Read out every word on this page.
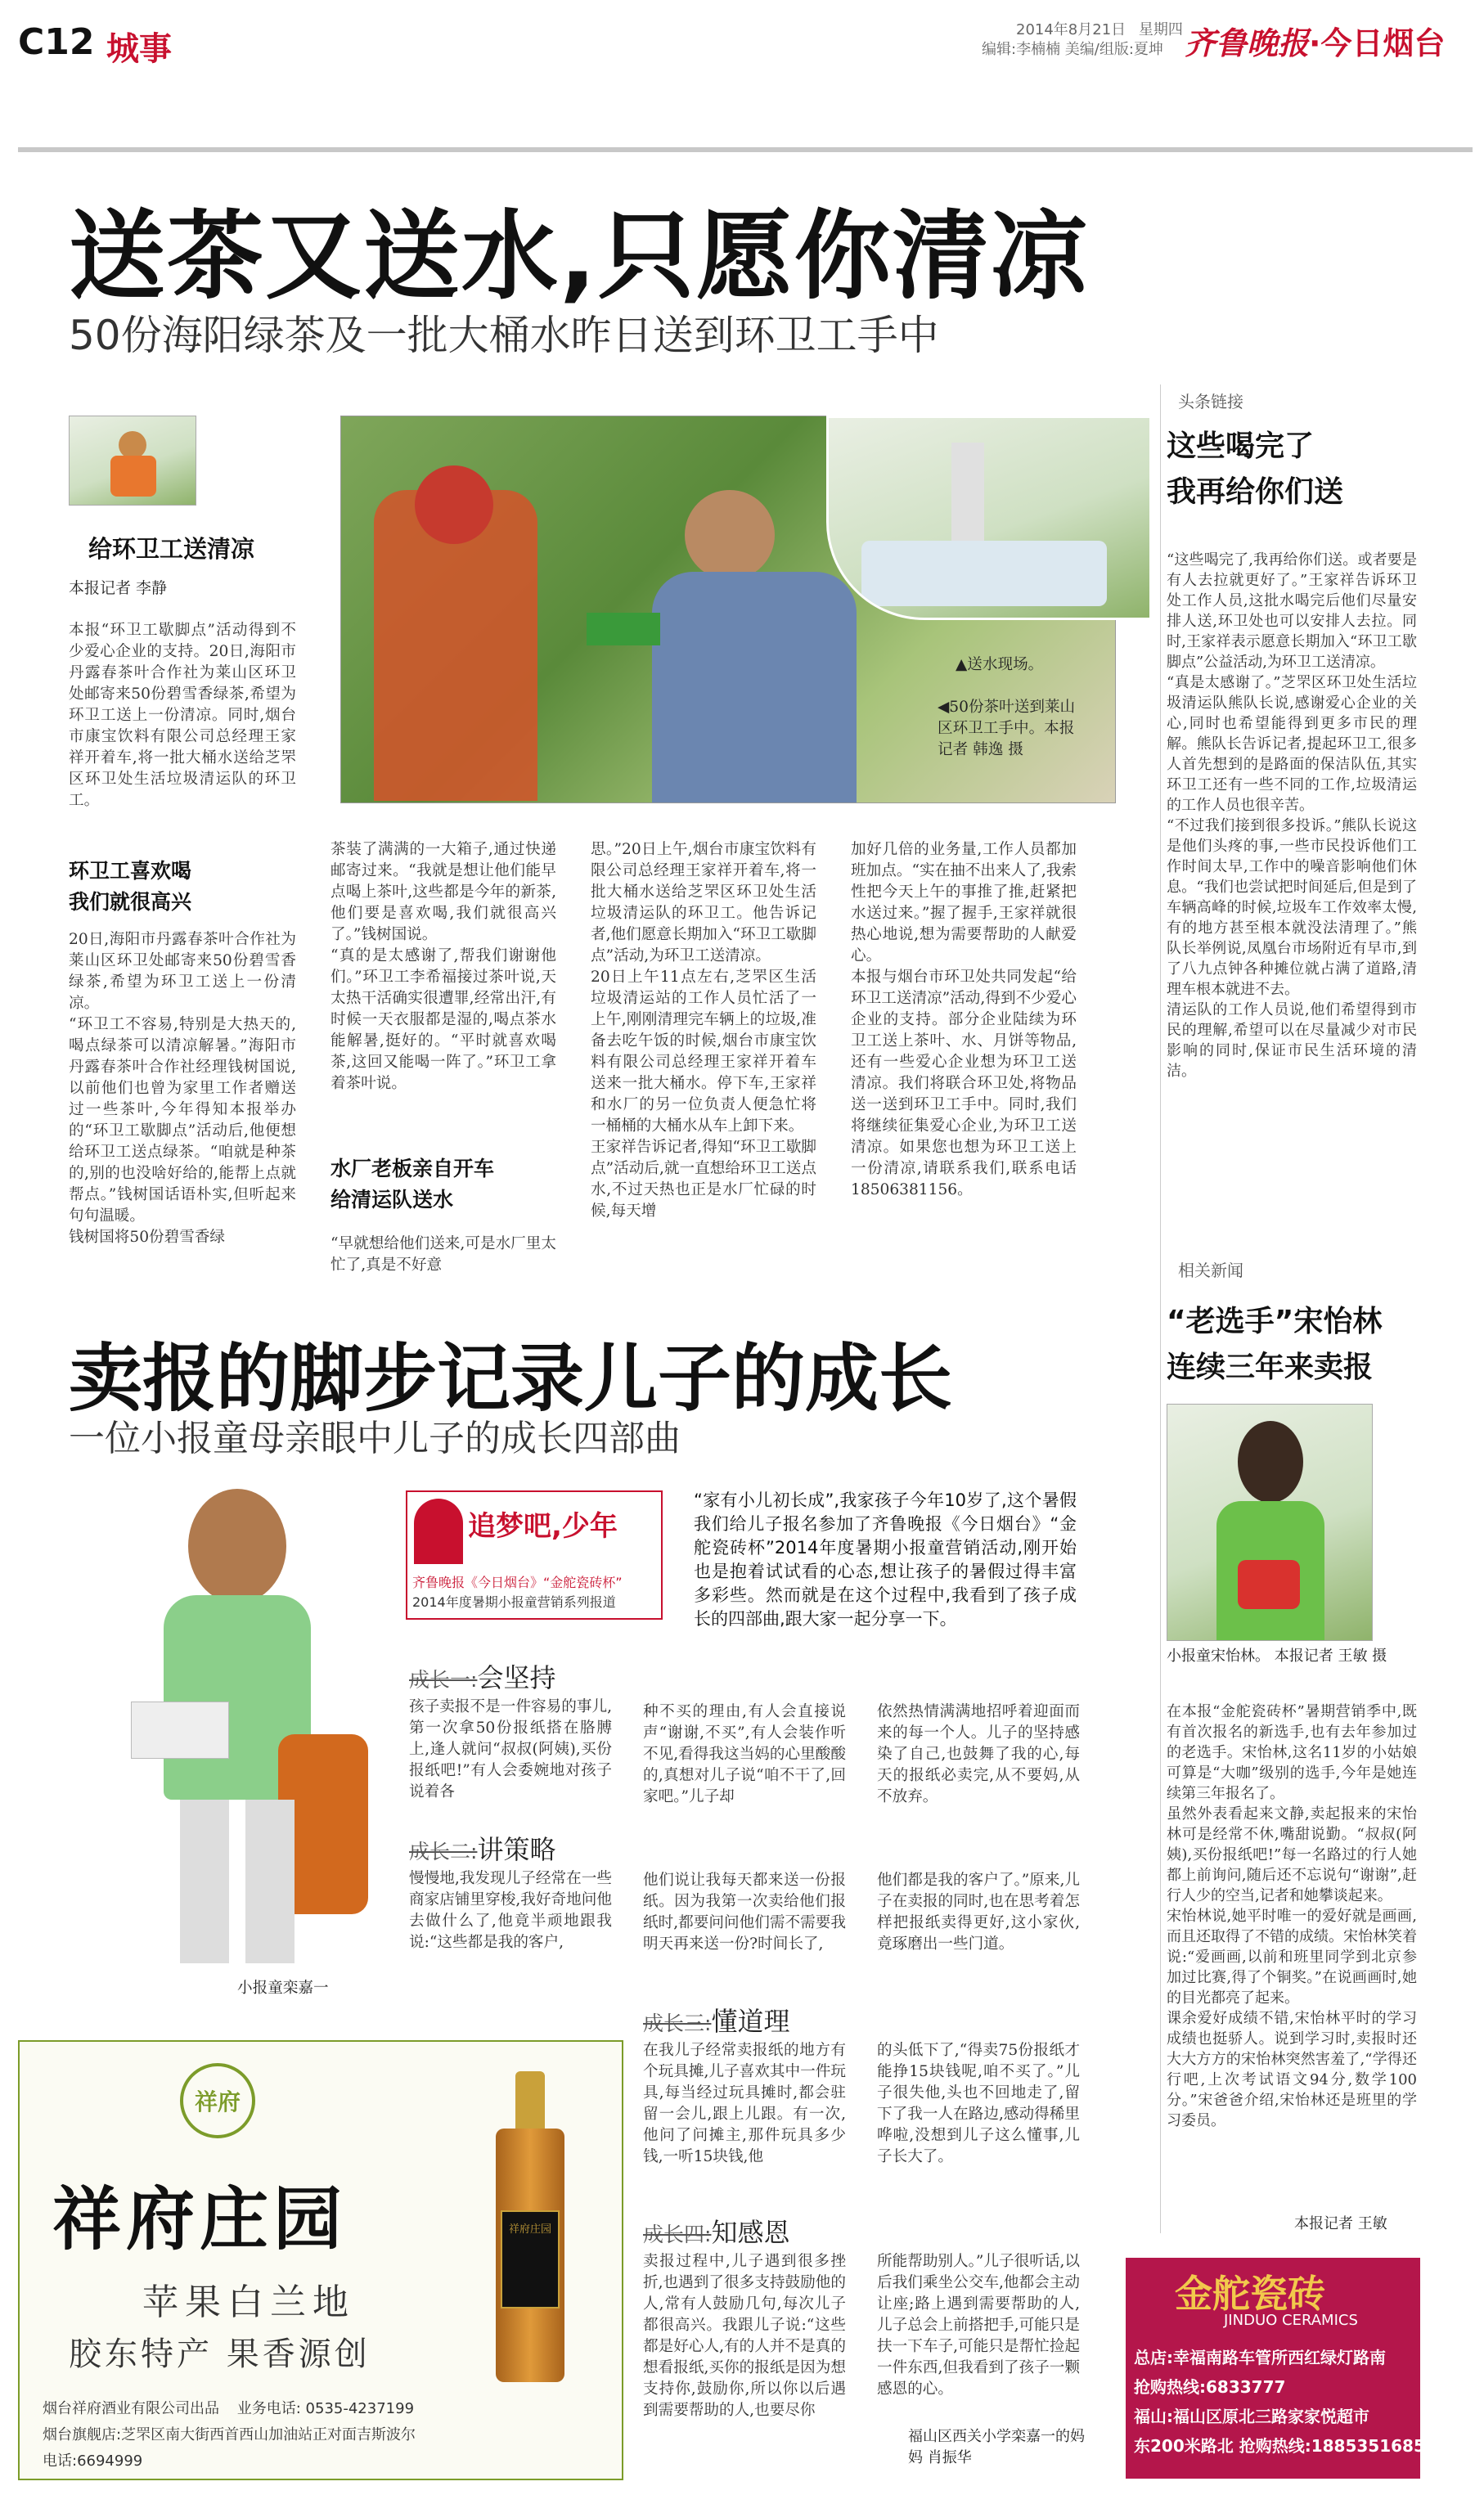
C12 城事
2014年8月21日 星期四
编辑:李楠楠 美编/组版:夏坤 齐鲁晚报·今日烟台
送茶又送水,只愿你清凉
50份海阳绿茶及一批大桶水昨日送到环卫工手中
给环卫工送清凉
本报记者 李静
本报“环卫工歇脚点”活动得到不少爱心企业的支持。20日,海阳市丹露春茶叶合作社为莱山区环卫处邮寄来50份碧雪香绿茶,希望为环卫工送上一份清凉。同时,烟台市康宝饮料有限公司总经理王家祥开着车,将一批大桶水送给芝罘区环卫处生活垃圾清运队的环卫工。
环卫工喜欢喝
我们就很高兴
20日,海阳市丹露春茶叶合作社为莱山区环卫处邮寄来50份碧雪香绿茶,希望为环卫工送上一份清凉。
“环卫工不容易,特别是大热天的,喝点绿茶可以清凉解暑。”海阳市丹露春茶叶合作社经理钱树国说,以前他们也曾为家里工作者赠送过一些茶叶,今年得知本报举办的“环卫工歇脚点”活动后,他便想给环卫工送点绿茶。“咱就是种茶的,别的也没啥好给的,能帮上点就帮点。”钱树国话语朴实,但听起来句句温暖。
钱树国将50份碧雪香绿
▲送水现场。
◀50份茶叶送到莱山区环卫工手中。本报记者 韩逸 摄
茶装了满满的一大箱子,通过快递邮寄过来。“我就是想让他们能早点喝上茶叶,这些都是今年的新茶,他们要是喜欢喝,我们就很高兴了。”钱树国说。
“真的是太感谢了,帮我们谢谢他们。”环卫工李希福接过茶叶说,天太热干活确实很遭罪,经常出汗,有时候一天衣服都是湿的,喝点茶水能解暑,挺好的。“平时就喜欢喝茶,这回又能喝一阵了。”环卫工拿着茶叶说。
水厂老板亲自开车
给清运队送水
“早就想给他们送来,可是水厂里太忙了,真是不好意
思。”20日上午,烟台市康宝饮料有限公司总经理王家祥开着车,将一批大桶水送给芝罘区环卫处生活垃圾清运队的环卫工。他告诉记者,他们愿意长期加入“环卫工歇脚点”活动,为环卫工送清凉。
20日上午11点左右,芝罘区生活垃圾清运站的工作人员忙活了一上午,刚刚清理完车辆上的垃圾,准备去吃午饭的时候,烟台市康宝饮料有限公司总经理王家祥开着车送来一批大桶水。停下车,王家祥和水厂的另一位负责人便急忙将一桶桶的大桶水从车上卸下来。
王家祥告诉记者,得知“环卫工歇脚点”活动后,就一直想给环卫工送点水,不过天热也正是水厂忙碌的时候,每天增
加好几倍的业务量,工作人员都加班加点。“实在抽不出来人了,我索性把今天上午的事推了推,赶紧把水送过来。”握了握手,王家祥就很热心地说,想为需要帮助的人献爱心。
本报与烟台市环卫处共同发起“给环卫工送清凉”活动,得到不少爱心企业的支持。部分企业陆续为环卫工送上茶叶、水、月饼等物品,还有一些爱心企业想为环卫工送清凉。我们将联合环卫处,将物品送一送到环卫工手中。同时,我们将继续征集爱心企业,为环卫工送清凉。如果您也想为环卫工送上一份清凉,请联系我们,联系电话18506381156。
头条链接
这些喝完了
我再给你们送
“这些喝完了,我再给你们送。或者要是有人去拉就更好了。”王家祥告诉环卫处工作人员,这批水喝完后他们尽量安排人送,环卫处也可以安排人去拉。同时,王家祥表示愿意长期加入“环卫工歇脚点”公益活动,为环卫工送清凉。
“真是太感谢了。”芝罘区环卫处生活垃圾清运队熊队长说,感谢爱心企业的关心,同时也希望能得到更多市民的理解。熊队长告诉记者,提起环卫工,很多人首先想到的是路面的保洁队伍,其实环卫工还有一些不同的工作,垃圾清运的工作人员也很辛苦。
“不过我们接到很多投诉。”熊队长说这是他们头疼的事,一些市民投诉他们工作时间太早,工作中的噪音影响他们休息。“我们也尝试把时间延后,但是到了车辆高峰的时候,垃圾车工作效率太慢,有的地方甚至根本就没法清理了。”熊队长举例说,凤凰台市场附近有早市,到了八九点钟各种摊位就占满了道路,清理车根本就进不去。
清运队的工作人员说,他们希望得到市民的理解,希望可以在尽量减少对市民影响的同时,保证市民生活环境的清洁。
卖报的脚步记录儿子的成长
一位小报童母亲眼中儿子的成长四部曲
小报童栾嘉一
追梦吧,少年
齐鲁晚报《今日烟台》“金舵瓷砖杯”
2014年度暑期小报童营销系列报道
“家有小儿初长成”,我家孩子今年10岁了,这个暑假我们给儿子报名参加了齐鲁晚报《今日烟台》“金舵瓷砖杯”2014年度暑期小报童营销活动,刚开始也是抱着试试看的心态,想让孩子的暑假过得丰富多彩些。然而就是在这个过程中,我看到了孩子成长的四部曲,跟大家一起分享一下。
成长一:会坚持
孩子卖报不是一件容易的事儿,第一次拿50份报纸搭在胳膊上,逢人就问“叔叔(阿姨),买份报纸吧!”有人会委婉地对孩子说着各
种不买的理由,有人会直接说声“谢谢,不买”,有人会装作听不见,看得我这当妈的心里酸酸的,真想对儿子说“咱不干了,回家吧。”儿子却
依然热情满满地招呼着迎面而来的每一个人。儿子的坚持感染了自己,也鼓舞了我的心,每天的报纸必卖完,从不要妈,从不放弃。
成长二:讲策略
慢慢地,我发现儿子经常在一些商家店铺里穿梭,我好奇地问他去做什么了,他竟半顽地跟我说:“这些都是我的客户,
他们说让我每天都来送一份报纸。因为我第一次卖给他们报纸时,都要问问他们需不需要我明天再来送一份?时间长了,
他们都是我的客户了。”原来,儿子在卖报的同时,也在思考着怎样把报纸卖得更好,这小家伙,竟琢磨出一些门道。
成长三:懂道理
在我儿子经常卖报纸的地方有个玩具摊,儿子喜欢其中一件玩具,每当经过玩具摊时,都会驻留一会儿,跟上儿跟。有一次,他问了问摊主,那件玩具多少钱,一听15块钱,他
的头低下了,“得卖75份报纸才能挣15块钱呢,咱不买了。”儿子很失他,头也不回地走了,留下了我一人在路边,感动得稀里哗啦,没想到儿子这么懂事,儿子长大了。
成长四:知感恩
卖报过程中,儿子遇到很多挫折,也遇到了很多支持鼓励他的人,常有人鼓励几句,每次儿子都很高兴。我跟儿子说:“这些都是好心人,有的人并不是真的想看报纸,买你的报纸是因为想支持你,鼓励你,所以你以后遇到需要帮助的人,也要尽你
所能帮助别人。”儿子很听话,以后我们乘坐公交车,他都会主动让座;路上遇到需要帮助的人,儿子总会上前搭把手,可能只是扶一下车子,可能只是帮忙捡起一件东西,但我看到了孩子一颗感恩的心。
福山区西关小学栾嘉一的妈妈 肖振华
相关新闻
“老选手”宋怡林
连续三年来卖报
小报童宋怡林。 本报记者 王敏 摄
在本报“金舵瓷砖杯”暑期营销季中,既有首次报名的新选手,也有去年参加过的老选手。宋怡林,这名11岁的小姑娘可算是“大咖”级别的选手,今年是她连续第三年报名了。
虽然外表看起来文静,卖起报来的宋怡林可是经常不休,嘴甜说勤。“叔叔(阿姨),买份报纸吧!”每一名路过的行人她都上前询问,随后还不忘说句“谢谢”,赶行人少的空当,记者和她攀谈起来。
宋怡林说,她平时唯一的爱好就是画画,而且还取得了不错的成绩。宋怡林笑着说:“爱画画,以前和班里同学到北京参加过比赛,得了个铜奖。”在说画画时,她的目光都亮了起来。
课余爱好成绩不错,宋怡林平时的学习成绩也挺骄人。说到学习时,卖报时还大大方方的宋怡林突然害羞了,“学得还行吧,上次考试语文94分,数学100分。”宋爸爸介绍,宋怡林还是班里的学习委员。
本报记者 王敏
祥府
祥府庄园
苹果白兰地
胶东特产 果香源创
祥府庄园
烟台祥府酒业有限公司出品 业务电话: 0535-4237199
烟台旗舰店:芝罘区南大街西首西山加油站正对面吉斯波尔
电话:6694999
金舵瓷砖
JINDUO CERAMICS
总店:幸福南路车管所西红绿灯路南
抢购热线:6833777
福山:福山区原北三路家家悦超市
东200米路北 抢购热线:18853516858
